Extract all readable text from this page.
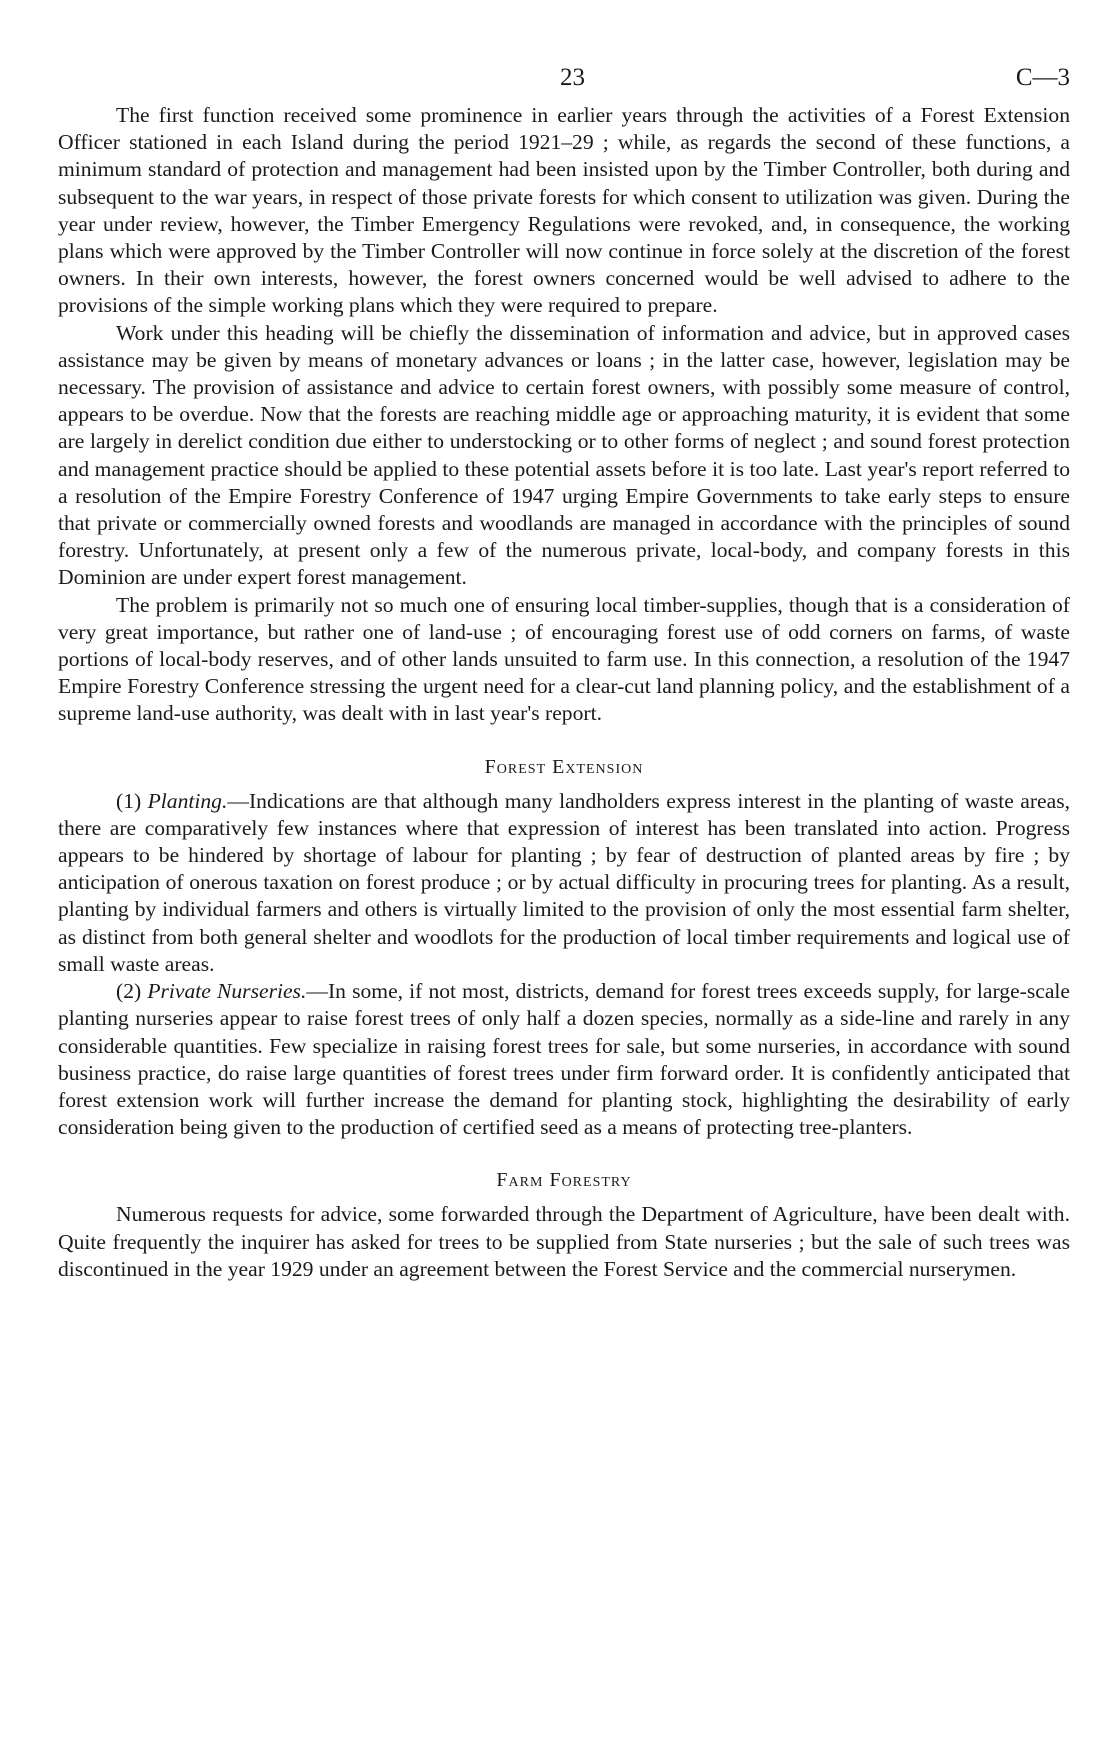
23	C—3

The first function received some prominence in earlier years through the activities of a Forest Extension Officer stationed in each Island during the period 1921–29 ; while, as regards the second of these functions, a minimum standard of protection and management had been insisted upon by the Timber Controller, both during and subsequent to the war years, in respect of those private forests for which consent to utilization was given. During the year under review, however, the Timber Emergency Regulations were revoked, and, in consequence, the working plans which were approved by the Timber Controller will now continue in force solely at the discretion of the forest owners. In their own interests, however, the forest owners concerned would be well advised to adhere to the provisions of the simple working plans which they were required to prepare.

Work under this heading will be chiefly the dissemination of information and advice, but in approved cases assistance may be given by means of monetary advances or loans ; in the latter case, however, legislation may be necessary. The provision of assistance and advice to certain forest owners, with possibly some measure of control, appears to be overdue. Now that the forests are reaching middle age or approaching maturity, it is evident that some are largely in derelict condition due either to understocking or to other forms of neglect ; and sound forest protection and management practice should be applied to these potential assets before it is too late. Last year's report referred to a resolution of the Empire Forestry Conference of 1947 urging Empire Governments to take early steps to ensure that private or commercially owned forests and woodlands are managed in accordance with the principles of sound forestry. Unfortunately, at present only a few of the numerous private, local-body, and company forests in this Dominion are under expert forest management.

The problem is primarily not so much one of ensuring local timber-supplies, though that is a consideration of very great importance, but rather one of land-use ; of encouraging forest use of odd corners on farms, of waste portions of local-body reserves, and of other lands unsuited to farm use. In this connection, a resolution of the 1947 Empire Forestry Conference stressing the urgent need for a clear-cut land planning policy, and the establishment of a supreme land-use authority, was dealt with in last year's report.

Forest Extension

(1) Planting.—Indications are that although many landholders express interest in the planting of waste areas, there are comparatively few instances where that expression of interest has been translated into action. Progress appears to be hindered by shortage of labour for planting ; by fear of destruction of planted areas by fire ; by anticipation of onerous taxation on forest produce ; or by actual difficulty in procuring trees for planting. As a result, planting by individual farmers and others is virtually limited to the provision of only the most essential farm shelter, as distinct from both general shelter and woodlots for the production of local timber requirements and logical use of small waste areas.

(2) Private Nurseries.—In some, if not most, districts, demand for forest trees exceeds supply, for large-scale planting nurseries appear to raise forest trees of only half a dozen species, normally as a side-line and rarely in any considerable quantities. Few specialize in raising forest trees for sale, but some nurseries, in accordance with sound business practice, do raise large quantities of forest trees under firm forward order. It is confidently anticipated that forest extension work will further increase the demand for planting stock, highlighting the desirability of early consideration being given to the production of certified seed as a means of protecting tree-planters.

Farm Forestry

Numerous requests for advice, some forwarded through the Department of Agriculture, have been dealt with. Quite frequently the inquirer has asked for trees to be supplied from State nurseries ; but the sale of such trees was discontinued in the year 1929 under an agreement between the Forest Service and the commercial nurserymen.
